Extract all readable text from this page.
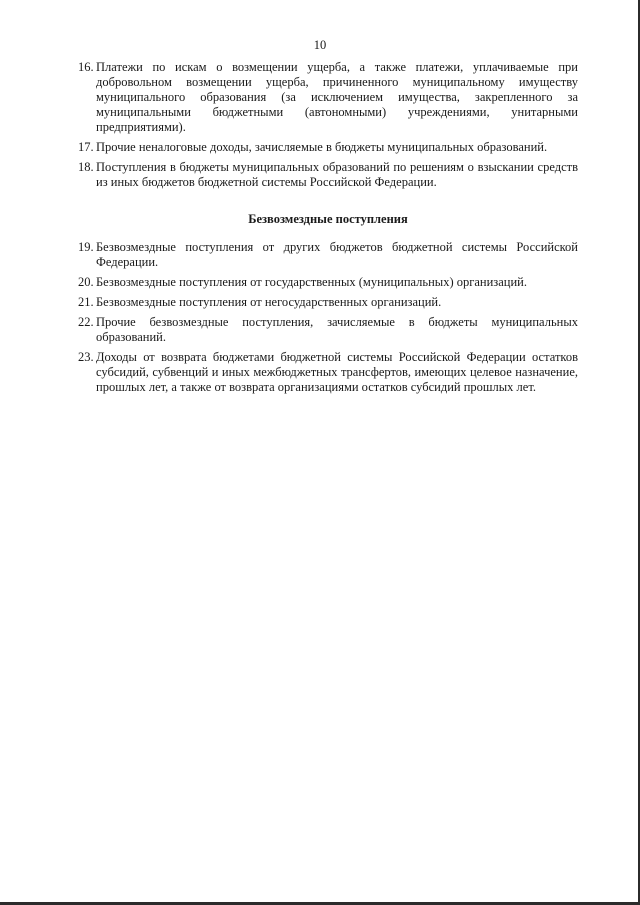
10
16. Платежи по искам о возмещении ущерба, а также платежи, уплачиваемые при добровольном возмещении ущерба, причиненного муниципальному имуществу муниципального образования (за исключением имущества, закрепленного за муниципальными бюджетными (автономными) учреждениями, унитарными предприятиями).
17. Прочие неналоговые доходы, зачисляемые в бюджеты муниципальных образований.
18. Поступления в бюджеты муниципальных образований по решениям о взыскании средств из иных бюджетов бюджетной системы Российской Федерации.
Безвозмездные поступления
19. Безвозмездные поступления от других бюджетов бюджетной системы Российской Федерации.
20. Безвозмездные поступления от государственных (муниципальных) организаций.
21. Безвозмездные поступления от негосударственных организаций.
22. Прочие безвозмездные поступления, зачисляемые в бюджеты муниципальных образований.
23. Доходы от возврата бюджетами бюджетной системы Российской Федерации остатков субсидий, субвенций и иных межбюджетных трансфертов, имеющих целевое назначение, прошлых лет, а также от возврата организациями остатков субсидий прошлых лет.
